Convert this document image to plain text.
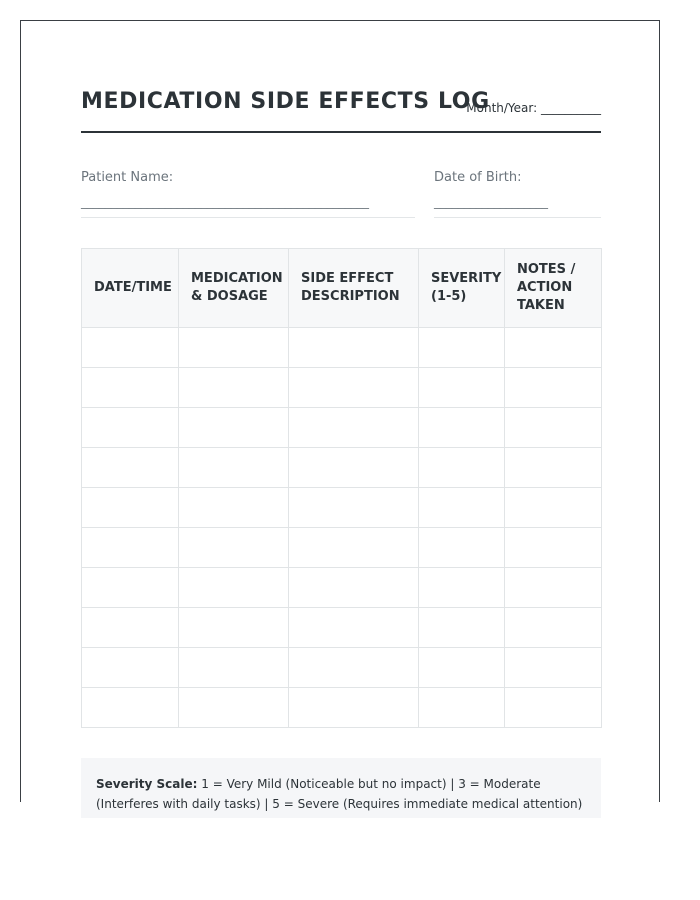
MEDICATION SIDE EFFECTS LOG
Month/Year: __________
Patient Name:
________________________________________________
Date of Birth:
___________________
DATE/TIME	MEDICATION & DOSAGE	SIDE EFFECT DESCRIPTION	SEVERITY (1-5)	NOTES / ACTION TAKEN

Severity Scale: 1 = Very Mild (Noticeable but no impact) | 3 = Moderate (Interferes with daily tasks) | 5 = Severe (Requires immediate medical attention)
